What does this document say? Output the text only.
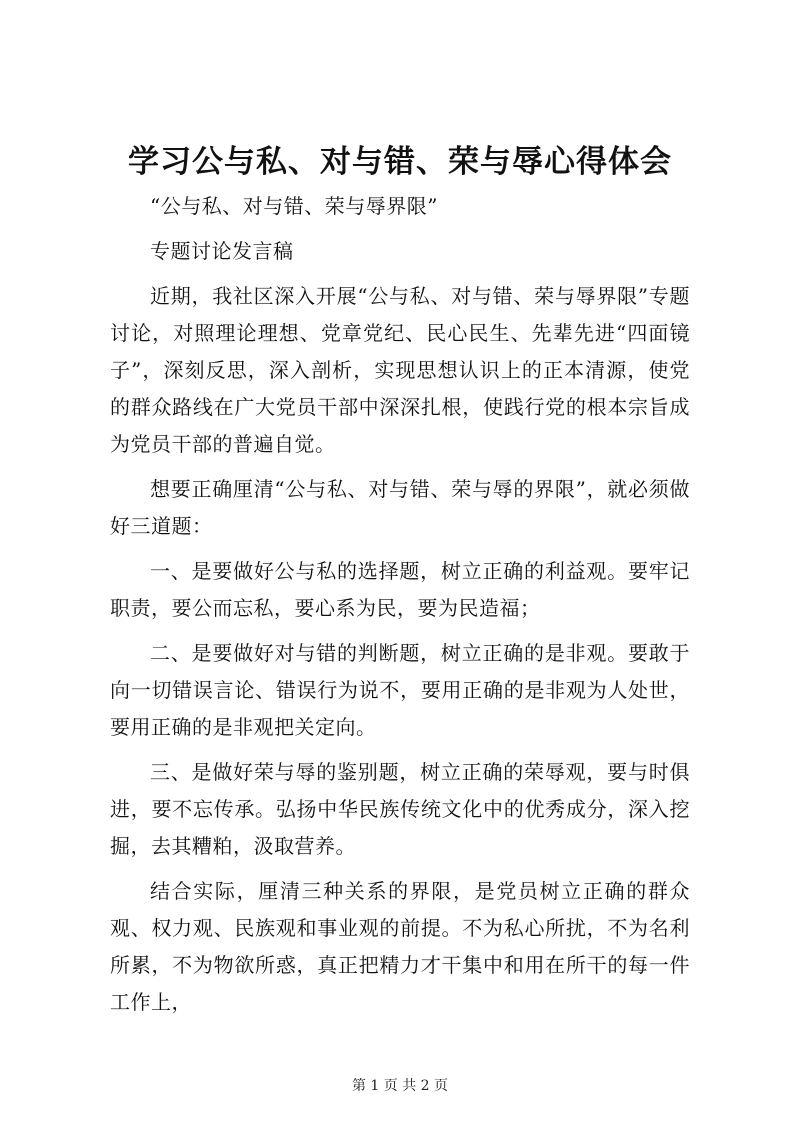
学习公与私、对与错、荣与辱心得体会

“公与私、对与错、荣与辱界限”

专题讨论发言稿

近期，我社区深入开展“公与私、对与错、荣与辱界限”专题讨论，对照理论理想、党章党纪、民心民生、先辈先进“四面镜子”，深刻反思，深入剖析，实现思想认识上的正本清源，使党的群众路线在广大党员干部中深深扎根，使践行党的根本宗旨成为党员干部的普遍自觉。

想要正确厘清“公与私、对与错、荣与辱的界限”，就必须做好三道题：

一、是要做好公与私的选择题，树立正确的利益观。要牢记职责，要公而忘私，要心系为民，要为民造福；

二、是要做好对与错的判断题，树立正确的是非观。要敢于向一切错误言论、错误行为说不，要用正确的是非观为人处世，要用正确的是非观把关定向。

三、是做好荣与辱的鉴别题，树立正确的荣辱观，要与时俱进，要不忘传承。弘扬中华民族传统文化中的优秀成分，深入挖掘，去其糟粕，汲取营养。

结合实际，厘清三种关系的界限，是党员树立正确的群众观、权力观、民族观和事业观的前提。不为私心所扰，不为名利所累，不为物欲所惑，真正把精力才干集中和用在所干的每一件工作上，

第 1 页 共 2 页
